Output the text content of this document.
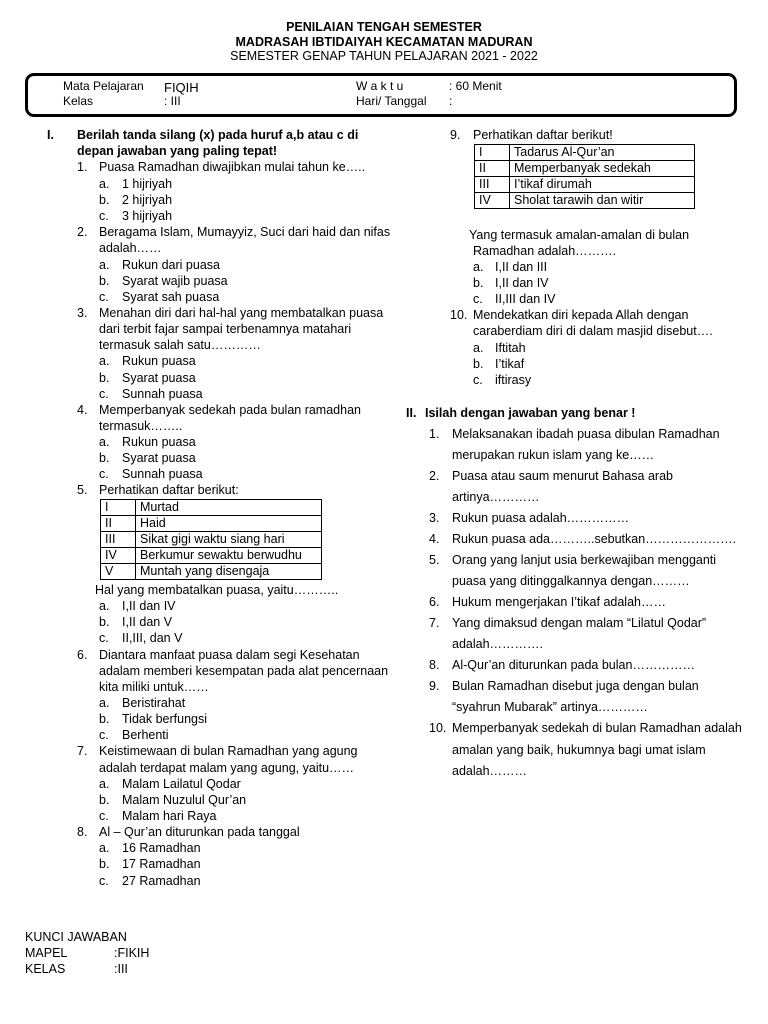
PENILAIAN TENGAH SEMESTER
MADRASAH IBTIDAIYAH KECAMATAN MADURAN
SEMESTER GENAP TAHUN PELAJARAN 2021 - 2022
Mata Pelajaran FIQIH
Kelas	: III
W a k t u	: 60 Menit
Hari/ Tanggal :
I. Berilah tanda silang (x) pada huruf a,b atau c di
depan jawaban yang paling tepat!
1. Puasa Ramadhan diwajibkan mulai tahun ke…..
a. 1 hijriyah
b. 2 hijriyah
c. 3 hijriyah
2. Beragama Islam, Mumayyiz, Suci dari haid dan nifas
adalah……
a. Rukun dari puasa
b. Syarat wajib puasa
c. Syarat sah puasa
3. Menahan diri dari hal-hal yang membatalkan puasa
dari terbit fajar sampai terbenamnya matahari
termasuk salah satu…………
a. Rukun puasa
b. Syarat puasa
c. Sunnah puasa
4. Memperbanyak sedekah pada bulan ramadhan
termasuk……..
a. Rukun puasa
b. Syarat puasa
c. Sunnah puasa
5. Perhatikan daftar berikut:
I	Murtad
II	Haid
III	Sikat gigi waktu siang hari
IV	Berkumur sewaktu berwudhu
V	Muntah yang disengaja
Hal yang membatalkan puasa, yaitu………..
a. I,II dan IV
b. I,II dan V
c. II,III, dan V
6. Diantara manfaat puasa dalam segi Kesehatan
adalam memberi kesempatan pada alat pencernaan
kita miliki untuk……
a. Beristirahat
b. Tidak berfungsi
c. Berhenti
7. Keistimewaan di bulan Ramadhan yang agung
adalah terdapat malam yang agung, yaitu……
a. Malam Lailatul Qodar
b. Malam Nuzulul Qur’an
c. Malam hari Raya
8. Al – Qur’an diturunkan pada tanggal
a. 16 Ramadhan
b. 17 Ramadhan
c. 27 Ramadhan
9. Perhatikan daftar berikut!
I	Tadarus Al-Qur’an
II	Memperbanyak sedekah
III	I’tikaf dirumah
IV	Sholat tarawih dan witir
Yang termasuk amalan-amalan di bulan
Ramadhan adalah……….
a. I,II dan III
b. I,II dan IV
c. II,III dan IV
10. Mendekatkan diri kepada Allah dengan
caraberdiam diri di dalam masjid disebut….
a. Iftitah
b. I’tikaf
c. iftirasy
II. Isilah dengan jawaban yang benar !
1. Melaksanakan ibadah puasa dibulan Ramadhan
merupakan rukun islam yang ke……
2. Puasa atau saum menurut Bahasa arab
artinya…………
3. Rukun puasa adalah……………
4. Rukun puasa ada………..sebutkan………………….
5. Orang yang lanjut usia berkewajiban mengganti
puasa yang ditinggalkannya dengan………
6. Hukum mengerjakan I’tikaf adalah……
7. Yang dimaksud dengan malam “Lilatul Qodar”
adalah………….
8. Al-Qur’an diturunkan pada bulan……………
9. Bulan Ramadhan disebut juga dengan bulan
“syahrun Mubarak” artinya…………
10. Memperbanyak sedekah di bulan Ramadhan adalah
amalan yang baik, hukumnya bagi umat islam
adalah………
KUNCI JAWABAN
MAPEL	:FIKIH
KELAS	:III
